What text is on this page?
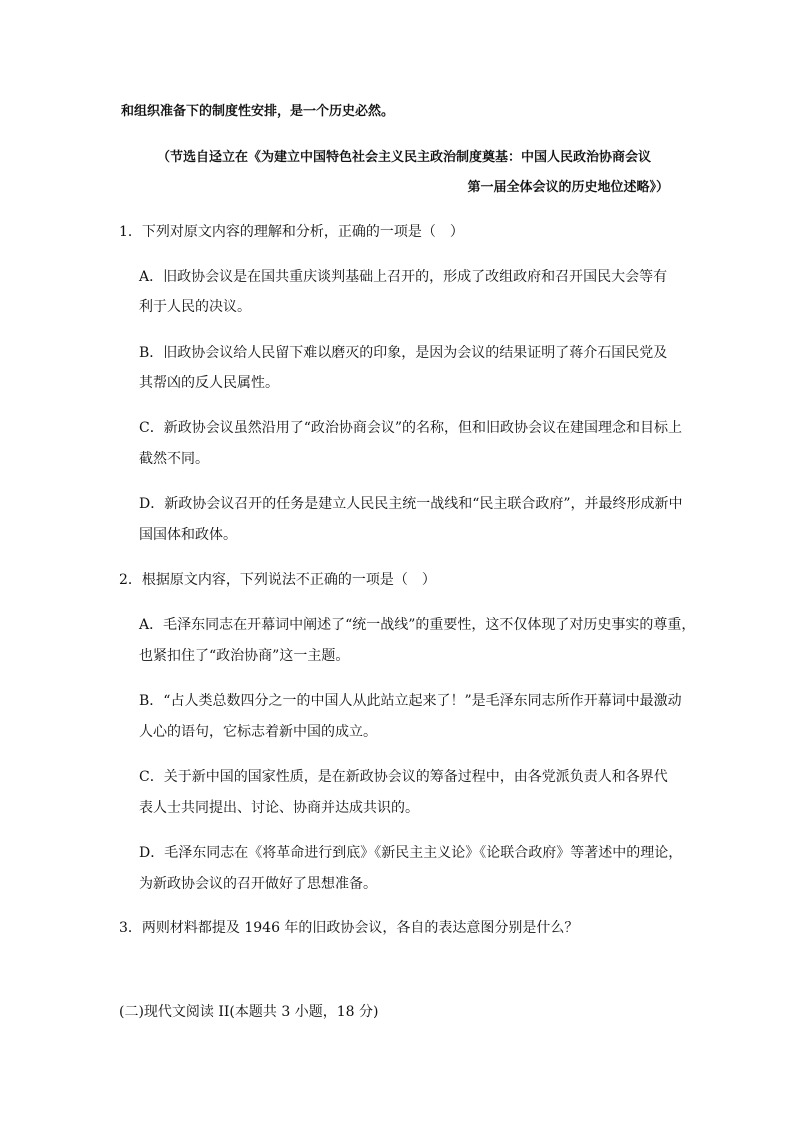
和组织准备下的制度性安排，是一个历史必然。
（节选自迳立在《为建立中国特色社会主义民主政治制度奠基：中国人民政治协商会议
第一届全体会议的历史地位述略》）
1．下列对原文内容的理解和分析，正确的一项是（　）
A．旧政协会议是在国共重庆谈判基础上召开的，形成了改组政府和召开国民大会等有
利于人民的决议。
B．旧政协会议给人民留下难以磨灭的印象，是因为会议的结果证明了蒋介石国民党及
其帮凶的反人民属性。
C．新政协会议虽然沿用了“政治协商会议”的名称，但和旧政协会议在建国理念和目标上
截然不同。
D．新政协会议召开的任务是建立人民民主统一战线和“民主联合政府”，并最终形成新中
国国体和政体。
2．根据原文内容，下列说法不正确的一项是（　）
A．毛泽东同志在开幕词中阐述了“统一战线”的重要性，这不仅体现了对历史事实的尊重，
也紧扣住了“政治协商”这一主题。
B．“占人类总数四分之一的中国人从此站立起来了！”是毛泽东同志所作开幕词中最激动
人心的语句，它标志着新中国的成立。
C．关于新中国的国家性质，是在新政协会议的筹备过程中，由各党派负责人和各界代
表人士共同提出、讨论、协商并达成共识的。
D．毛泽东同志在《将革命进行到底》《新民主主义论》《论联合政府》等著述中的理论，
为新政协会议的召开做好了思想准备。
3．两则材料都提及 1946 年的旧政协会议，各自的表达意图分别是什么？
(二)现代文阅读 II(本题共 3 小题，18 分)
